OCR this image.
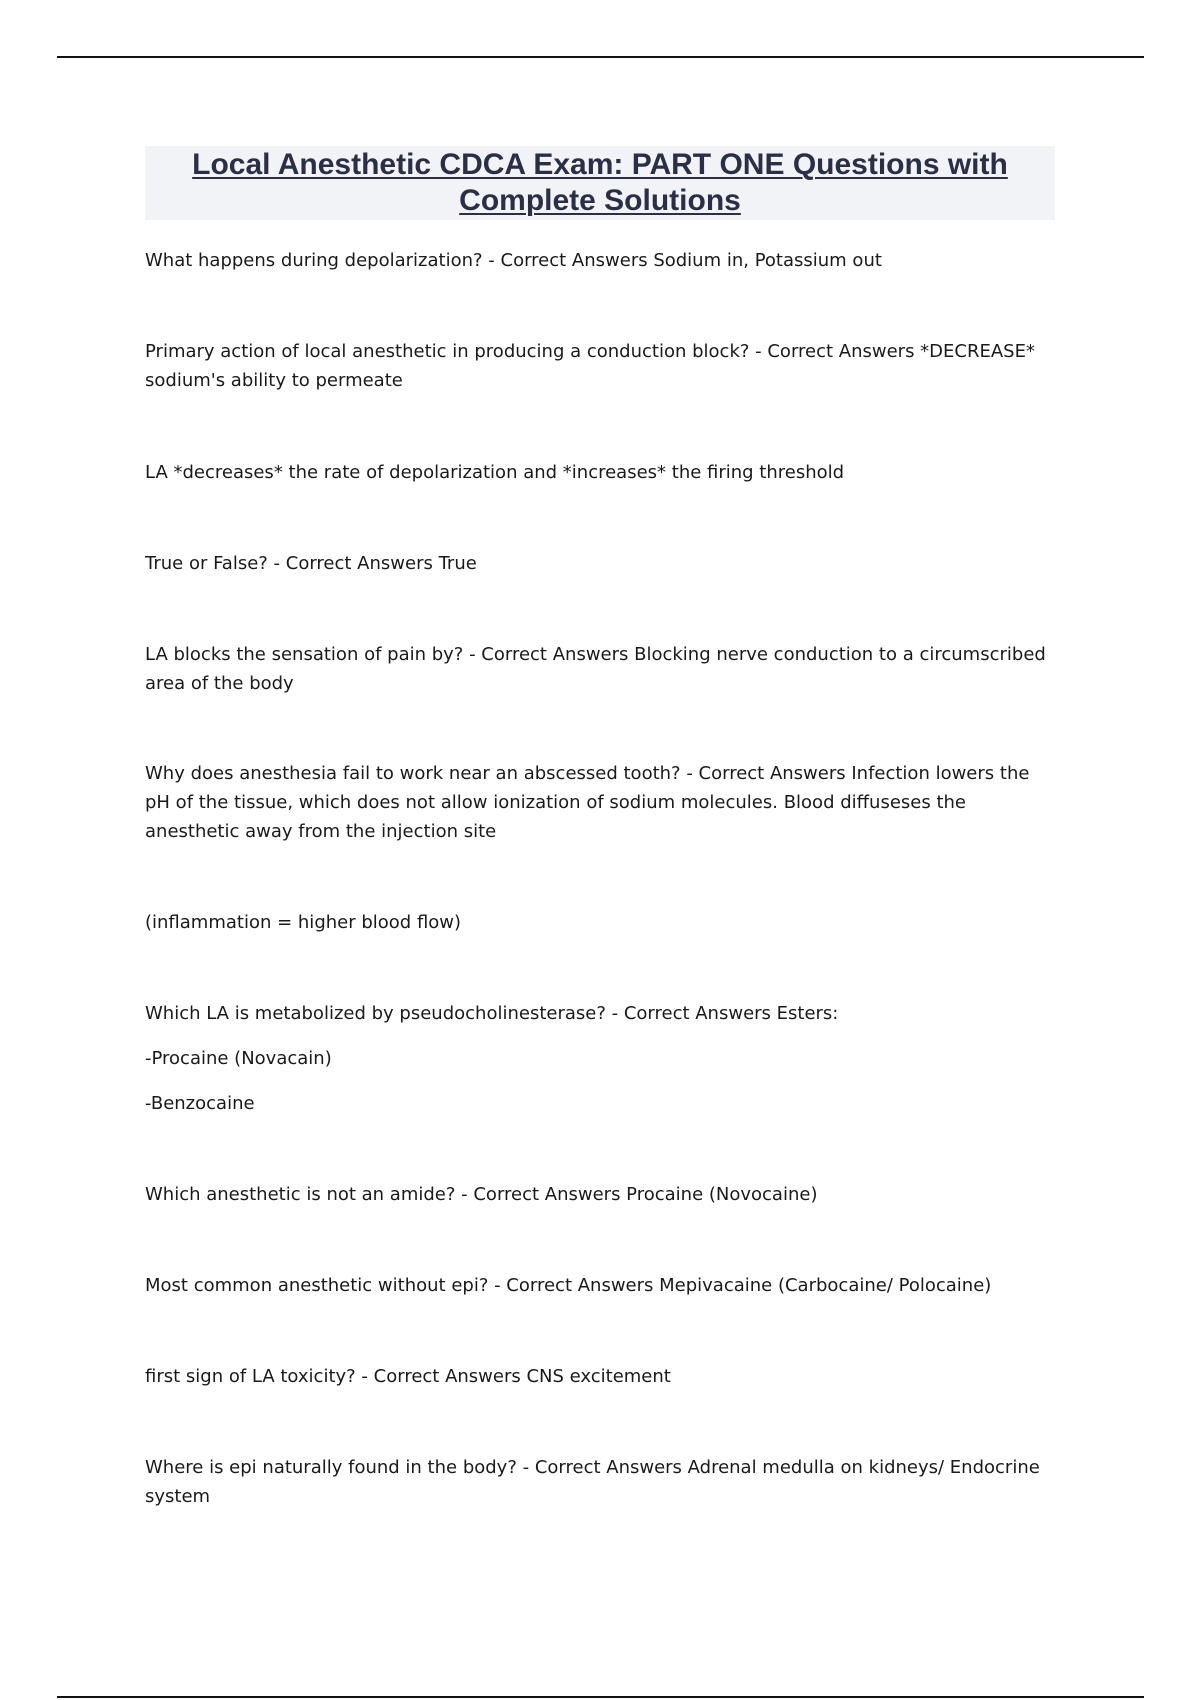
Local Anesthetic CDCA Exam: PART ONE Questions with Complete Solutions

What happens during depolarization? - Correct Answers Sodium in, Potassium out

Primary action of local anesthetic in producing a conduction block? - Correct Answers *DECREASE* sodium's ability to permeate

LA *decreases* the rate of depolarization and *increases* the firing threshold

True or False? - Correct Answers True

LA blocks the sensation of pain by? - Correct Answers Blocking nerve conduction to a circumscribed area of the body

Why does anesthesia fail to work near an abscessed tooth? - Correct Answers Infection lowers the pH of the tissue, which does not allow ionization of sodium molecules. Blood diffuseses the anesthetic away from the injection site

(inflammation = higher blood flow)

Which LA is metabolized by pseudocholinesterase? - Correct Answers Esters:

-Procaine (Novacain)

-Benzocaine

Which anesthetic is not an amide? - Correct Answers Procaine (Novocaine)

Most common anesthetic without epi? - Correct Answers Mepivacaine (Carbocaine/ Polocaine)

first sign of LA toxicity? - Correct Answers CNS excitement

Where is epi naturally found in the body? - Correct Answers Adrenal medulla on kidneys/ Endocrine system
